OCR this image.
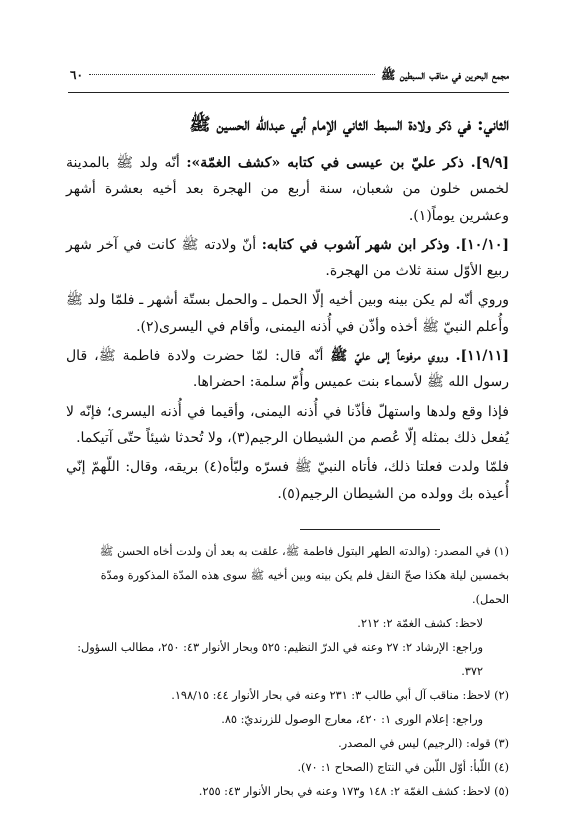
مجمع البحرين في مناقب السبطين ﷺ
٦٠
الثاني: في ذكر ولادة السبط الثاني الإمام أبي عبدالله الحسين ﷺ

[٩/٩]. ذكر عليّ بن عيسى في كتابه «كشف الغمّة»: أنّه ولد ﷺ بالمدينة لخمس خلون من شعبان، سنة أربع من الهجرة بعد أخيه بعشرة أشهر وعشرين يوماً(١).

[١٠/١٠]. وذكر ابن شهر آشوب في كتابه: أنّ ولادته ﷺ كانت في آخر شهر ربيع الأوّل سنة ثلاث من الهجرة.

وروي أنّه لم يكن بينه وبين أخيه إلّا الحمل ـ والحمل بستّة أشهر ـ فلمّا ولد ﷺ وأُعلم النبيّ ﷺ أخذه وأذّن في أُذنه اليمنى، وأقام في اليسرى(٢).

[١١/١١]. وروي مرفوعاً إلى عليّ ﷺ أنّه قال: لمّا حضرت ولادة فاطمة ﷺ، قال رسول الله ﷺ لأسماء بنت عميس وأُمّ سلمة: احضراها.

فإذا وقع ولدها واستهلّ فأذّنا في أُذنه اليمنى، وأقيما في أُذنه اليسرى؛ فإنّه لا يُفعل ذلك بمثله إلّا عُصم من الشيطان الرجيم(٣)، ولا تُحدثا شيئاً حتّى آتيكما.

فلمّا ولدت فعلتا ذلك، فأتاه النبيّ ﷺ فسرّه ولبّأه(٤) بريقه، وقال: اللّهمّ إنّي أُعيذه بك وولده من الشيطان الرجيم(٥).

(١) في المصدر: (والدته الطهر البتول فاطمة ﷺ، علقت به بعد أن ولدت أخاه الحسن ﷺ بخمسين ليلة هكذا صحّ النقل فلم يكن بينه وبين أخيه ﷺ سوى هذه المدّة المذكورة ومدّة الحمل).

لاحظ: كشف الغمّة ٢: ٢١٢.

وراجع: الإرشاد ٢: ٢٧ وعنه في الدرّ النظيم: ٥٢٥ وبحار الأنوار ٤٣: ٢٥٠، مطالب السؤول: ٣٧٢.

(٢) لاحظ: مناقب آل أبي طالب ٣: ٢٣١ وعنه في بحار الأنوار ٤٤: ١٩٨/١٥.

وراجع: إعلام الورى ١: ٤٢٠، معارج الوصول للزرنديّ: ٨٥.

(٣) قوله: (الرجيم) ليس في المصدر.

(٤) اللّبأ: أوّل اللّبن في النتاج (الصحاح ١: ٧٠).

(٥) لاحظ: كشف الغمّة ٢: ١٤٨ و١٧٣ وعنه في بحار الأنوار ٤٣: ٢٥٥.
